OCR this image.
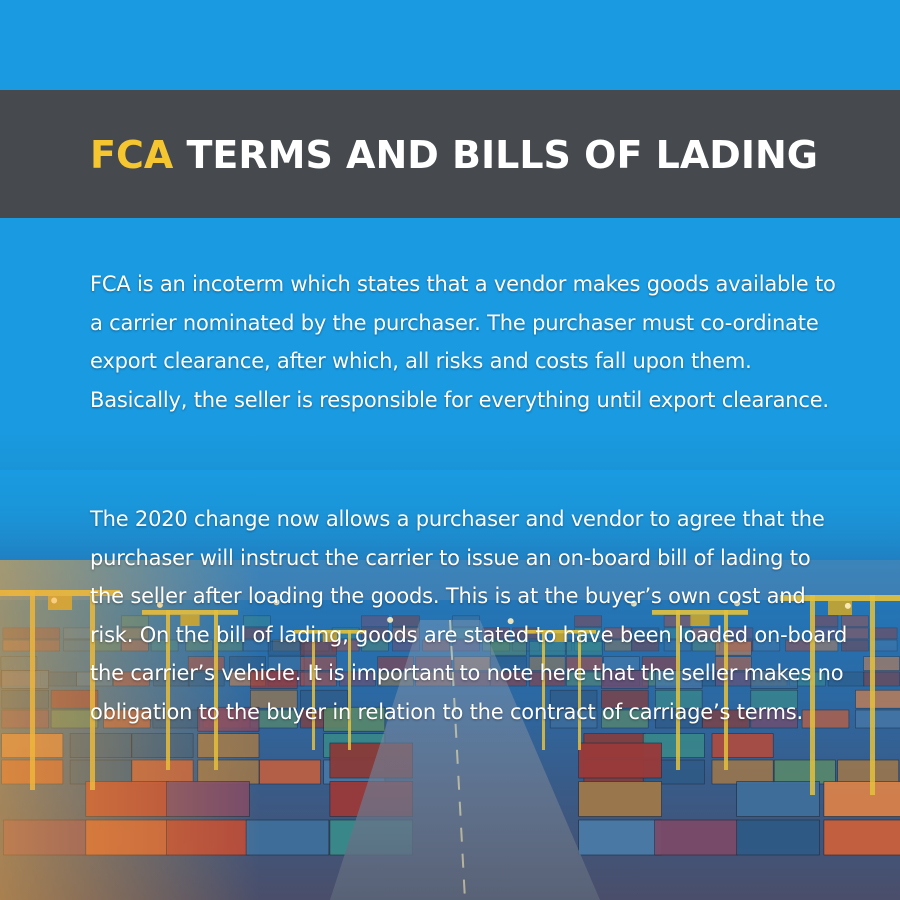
FCA TERMS AND BILLS OF LADING

FCA is an incoterm which states that a vendor makes goods available to a carrier nominated by the purchaser. The purchaser must co-ordinate export clearance, after which, all risks and costs fall upon them. Basically, the seller is responsible for everything until export clearance.

The 2020 change now allows a purchaser and vendor to agree that the purchaser will instruct the carrier to issue an on-board bill of lading to the seller after loading the goods. This is at the buyer’s own cost and risk. On the bill of lading, goods are stated to have been loaded on-board the carrier’s vehicle. It is important to note here that the seller makes no obligation to the buyer in relation to the contract of carriage’s terms.
